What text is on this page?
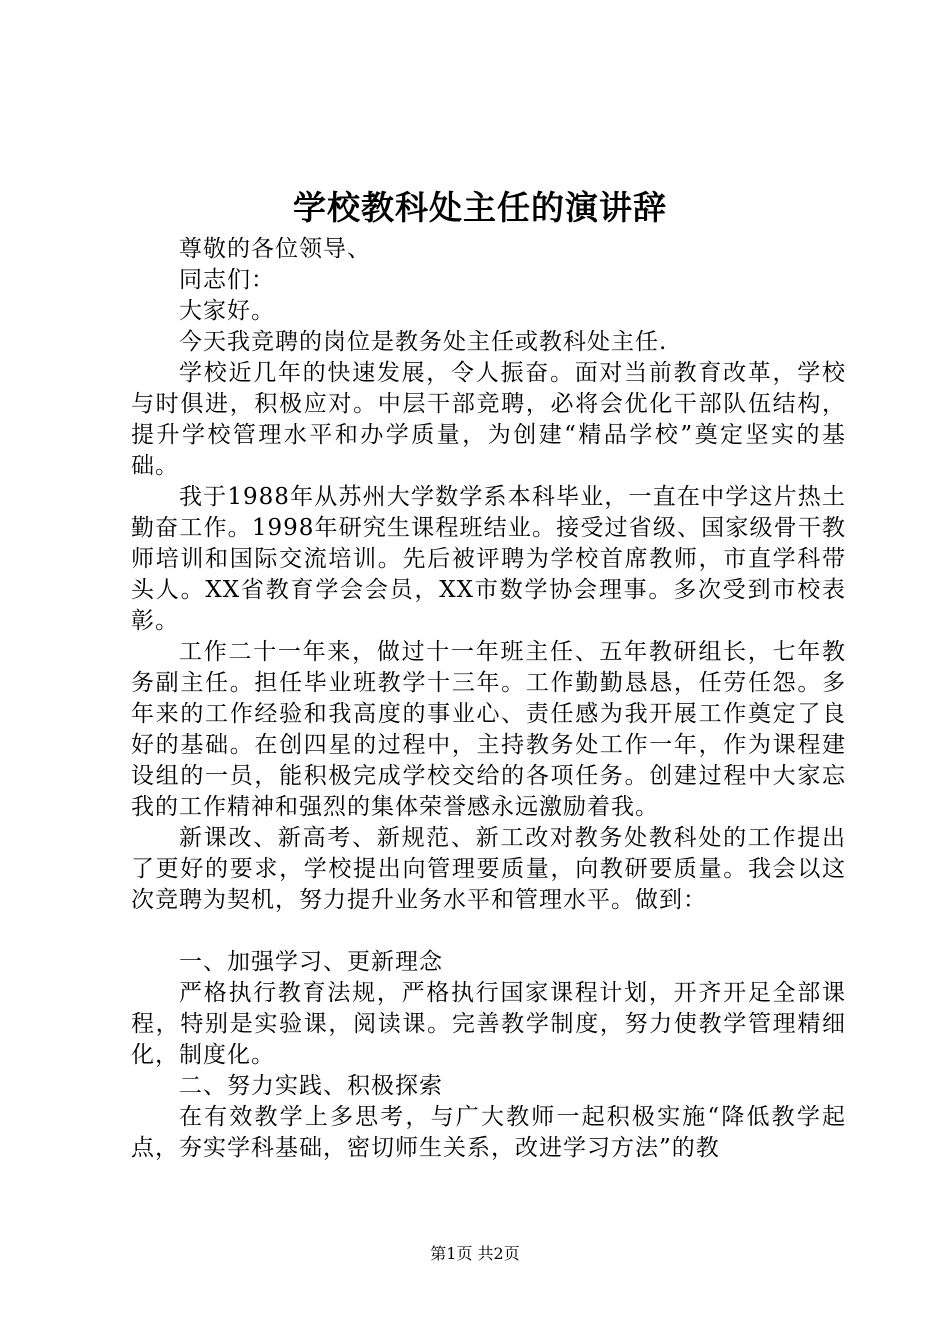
学校教科处主任的演讲辞

尊敬的各位领导、

同志们：

大家好。

今天我竞聘的岗位是教务处主任或教科处主任.

学校近几年的快速发展，令人振奋。面对当前教育改革，学校与时俱进，积极应对。中层干部竞聘，必将会优化干部队伍结构，提升学校管理水平和办学质量，为创建“精品学校”奠定坚实的基础。

我于1988年从苏州大学数学系本科毕业，一直在中学这片热土勤奋工作。1998年研究生课程班结业。接受过省级、国家级骨干教师培训和国际交流培训。先后被评聘为学校首席教师，市直学科带头人。XX省教育学会会员，XX市数学协会理事。多次受到市校表彰。

工作二十一年来，做过十一年班主任、五年教研组长，七年教务副主任。担任毕业班教学十三年。工作勤勤恳恳，任劳任怨。多年来的工作经验和我高度的事业心、责任感为我开展工作奠定了良好的基础。在创四星的过程中，主持教务处工作一年，作为课程建设组的一员，能积极完成学校交给的各项任务。创建过程中大家忘我的工作精神和强烈的集体荣誉感永远激励着我。

新课改、新高考、新规范、新工改对教务处教科处的工作提出了更好的要求，学校提出向管理要质量，向教研要质量。我会以这次竞聘为契机，努力提升业务水平和管理水平。做到：

一、加强学习、更新理念

严格执行教育法规，严格执行国家课程计划，开齐开足全部课程，特别是实验课，阅读课。完善教学制度，努力使教学管理精细化，制度化。

二、努力实践、积极探索

在有效教学上多思考，与广大教师一起积极实施“降低教学起点，夯实学科基础，密切师生关系，改进学习方法”的教

第1页 共2页
